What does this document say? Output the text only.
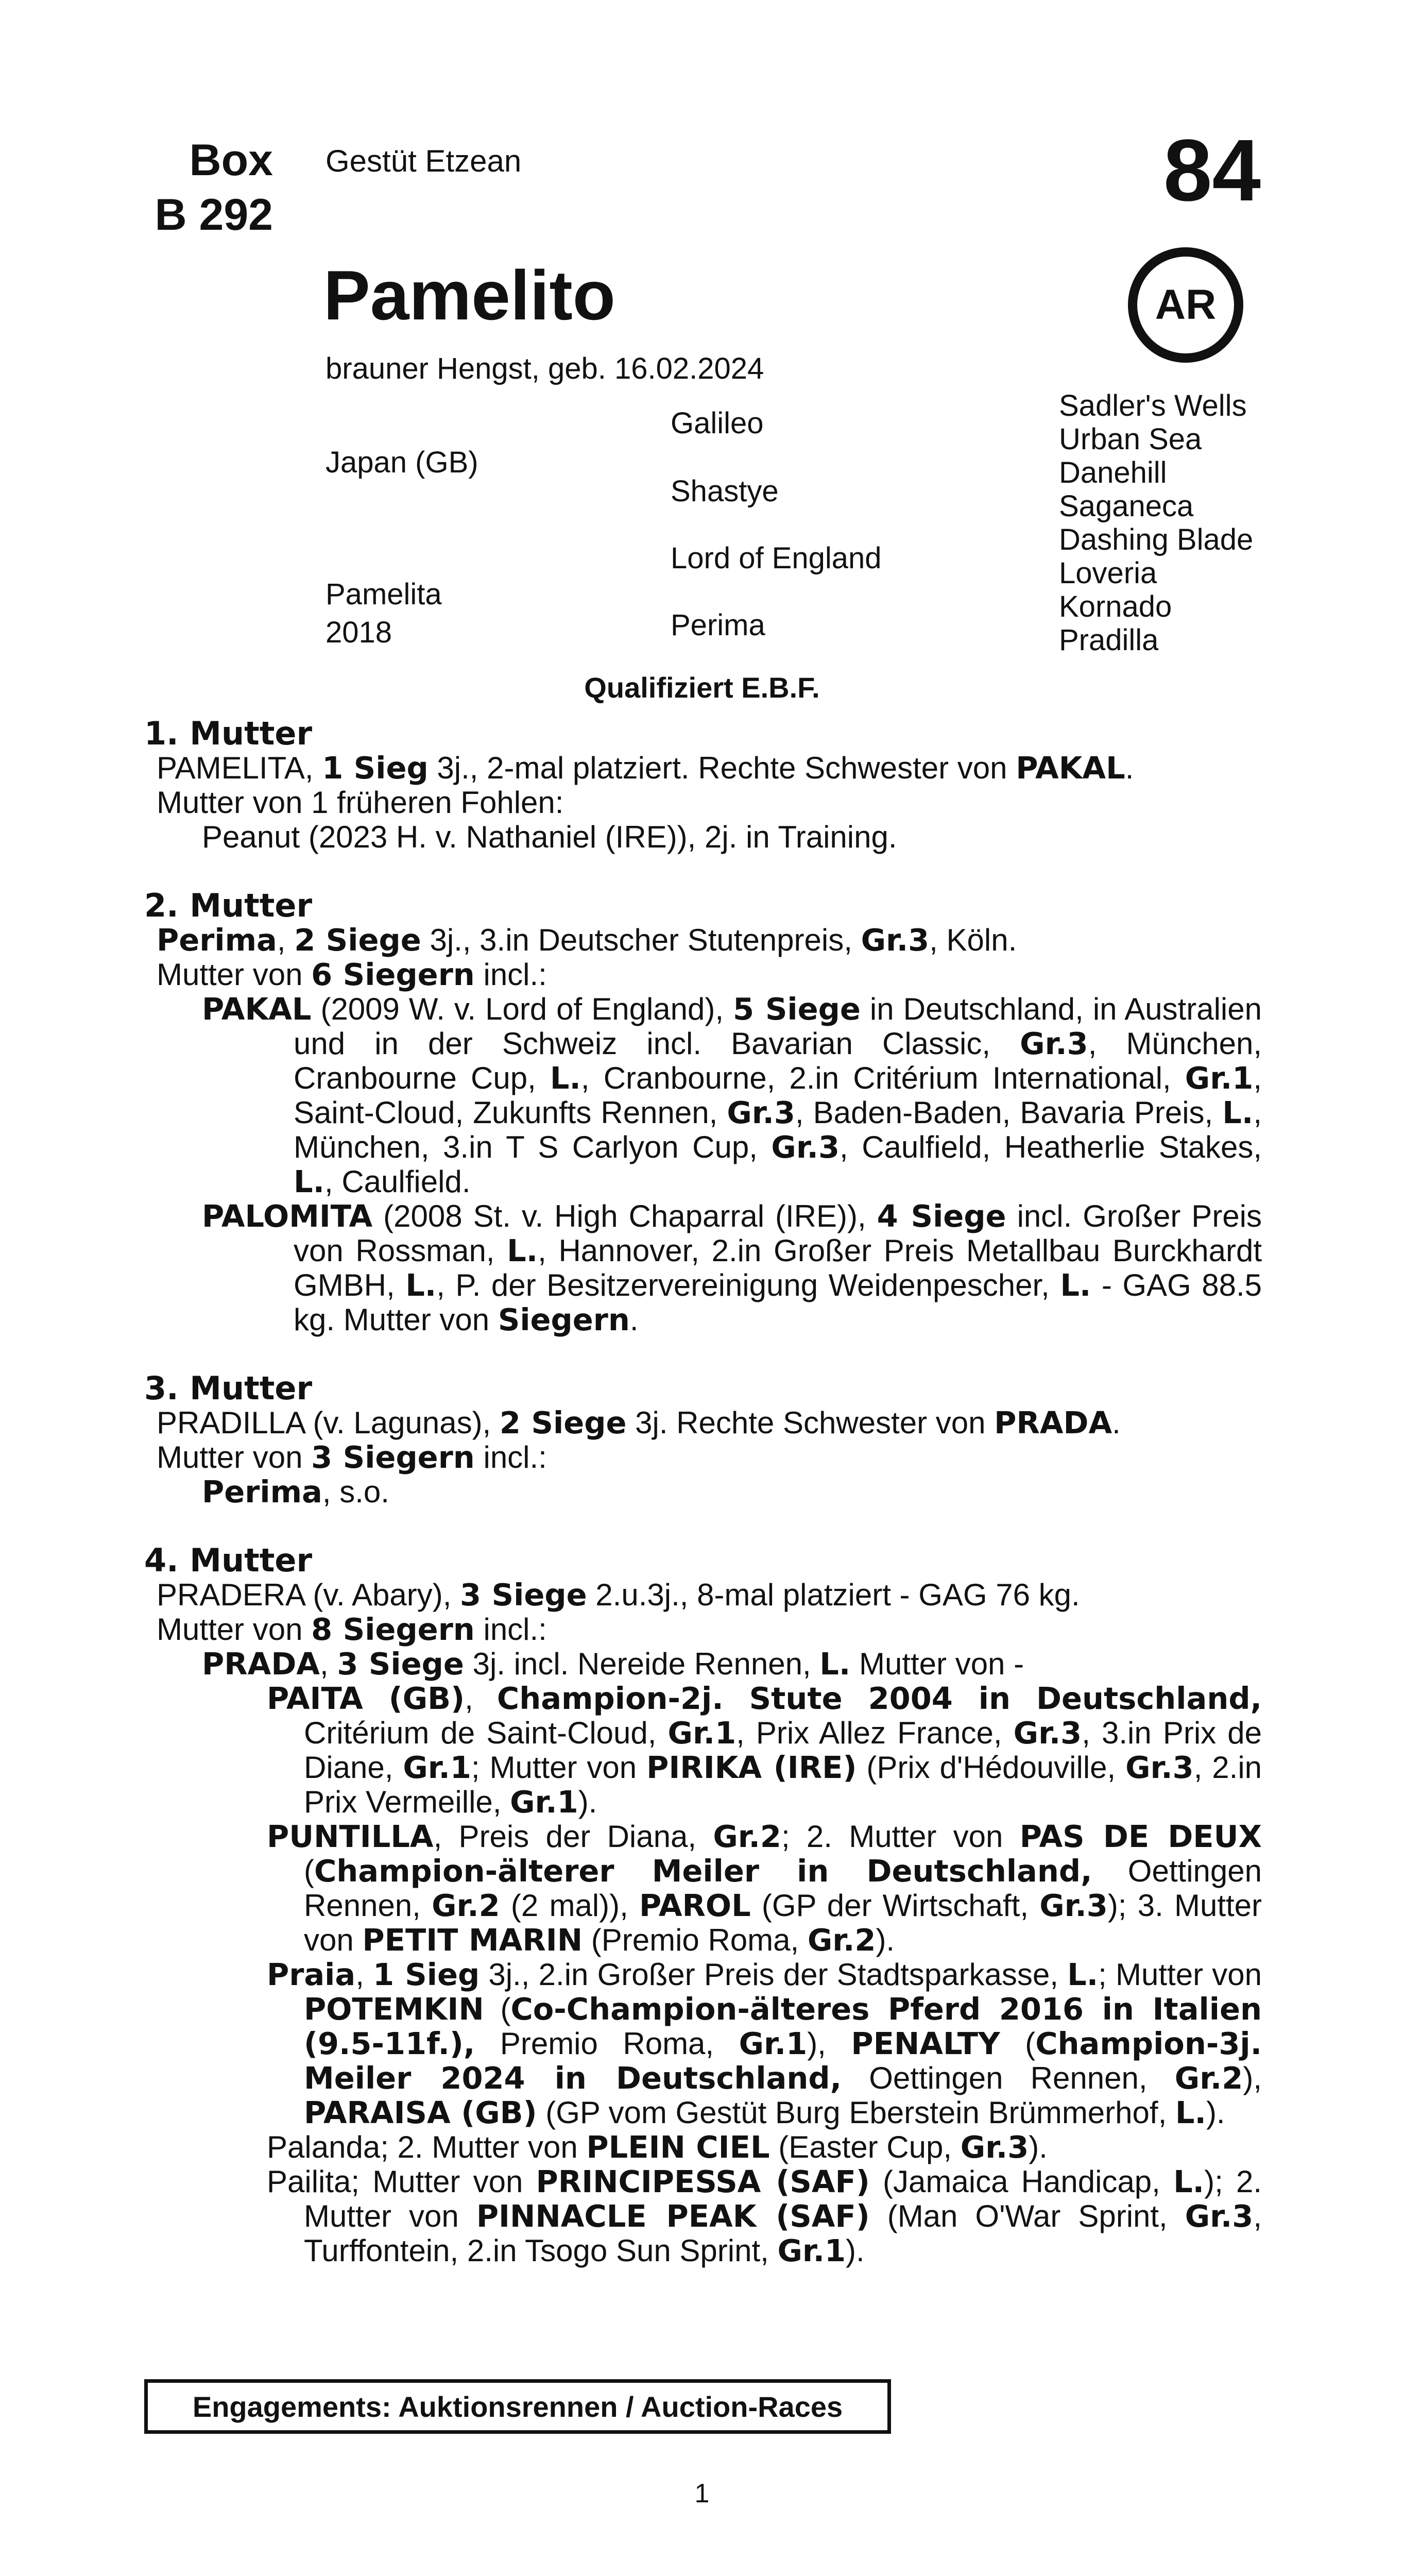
Box
B 292
Gestüt Etzean	84
Pamelito
brauner Hengst, geb. 16.02.2024
AR
Japan (GB)
Pamelita
2018
Galileo
Shastye
Lord of England
Perima
Sadler's Wells
Urban Sea
Danehill
Saganeca
Dashing Blade
Loveria
Kornado
Pradilla
Qualifiziert E.B.F.
1. Mutter
PAMELITA, 1 Sieg 3j., 2-mal platziert. Rechte Schwester von PAKAL.
Mutter von 1 früheren Fohlen:
Peanut (2023 H. v. Nathaniel (IRE)), 2j. in Training.
2. Mutter
Perima, 2 Siege 3j., 3.in Deutscher Stutenpreis, Gr.3, Köln.
Mutter von 6 Siegern incl.:
PAKAL (2009 W. v. Lord of England), 5 Siege in Deutschland, in Australien und in der Schweiz incl. Bavarian Classic, Gr.3, München, Cranbourne Cup, L., Cranbourne, 2.in Critérium International, Gr.1, Saint-Cloud, Zukunfts Rennen, Gr.3, Baden-Baden, Bavaria Preis, L., München, 3.in T S Carlyon Cup, Gr.3, Caulfield, Heatherlie Stakes, L., Caulfield.
PALOMITA (2008 St. v. High Chaparral (IRE)), 4 Siege incl. Großer Preis von Rossman, L., Hannover, 2.in Großer Preis Metallbau Burckhardt GMBH, L., P. der Besitzervereinigung Weidenpescher, L. - GAG 88.5 kg. Mutter von Siegern.
3. Mutter
PRADILLA (v. Lagunas), 2 Siege 3j. Rechte Schwester von PRADA.
Mutter von 3 Siegern incl.:
Perima, s.o.
4. Mutter
PRADERA (v. Abary), 3 Siege 2.u.3j., 8-mal platziert - GAG 76 kg.
Mutter von 8 Siegern incl.:
PRADA, 3 Siege 3j. incl. Nereide Rennen, L. Mutter von -
PAITA (GB), Champion-2j. Stute 2004 in Deutschland, Critérium de Saint-Cloud, Gr.1, Prix Allez France, Gr.3, 3.in Prix de Diane, Gr.1; Mutter von PIRIKA (IRE) (Prix d'Hédouville, Gr.3, 2.in Prix Vermeille, Gr.1).
PUNTILLA, Preis der Diana, Gr.2; 2. Mutter von PAS DE DEUX (Champion-älterer Meiler in Deutschland, Oettingen Rennen, Gr.2 (2 mal)), PAROL (GP der Wirtschaft, Gr.3); 3. Mutter von PETIT MARIN (Premio Roma, Gr.2).
Praia, 1 Sieg 3j., 2.in Großer Preis der Stadtsparkasse, L.; Mutter von POTEMKIN (Co-Champion-älteres Pferd 2016 in Italien (9.5-11f.), Premio Roma, Gr.1), PENALTY (Champion-3j. Meiler 2024 in Deutschland, Oettingen Rennen, Gr.2), PARAISA (GB) (GP vom Gestüt Burg Eberstein Brümmerhof, L.).
Palanda; 2. Mutter von PLEIN CIEL (Easter Cup, Gr.3).
Pailita; Mutter von PRINCIPESSA (SAF) (Jamaica Handicap, L.); 2. Mutter von PINNACLE PEAK (SAF) (Man O'War Sprint, Gr.3, Turffontein, 2.in Tsogo Sun Sprint, Gr.1).
Engagements: Auktionsrennen / Auction-Races
1
